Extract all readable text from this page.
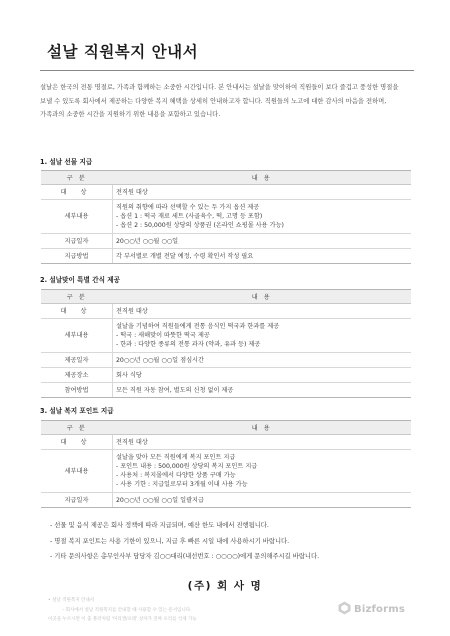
설날 직원복지 안내서

설날은 한국의 전통 명절로, 가족과 함께하는 소중한 시간입니다. 본 안내서는 설날을 맞이하여 직원들이 보다 즐겁고 풍성한 명절을 보낼 수 있도록 회사에서 제공하는 다양한 복지 혜택을 상세히 안내하고자 합니다. 직원들의 노고에 대한 감사의 마음을 전하며, 가족과의 소중한 시간을 지원하기 위한 내용을 포함하고 있습니다.

1. 설날 선물 지급
구 분	내 용
대 상	전직원 대상
세부내용	직원의 취향에 따라 선택할 수 있는 두 가지 옵션 제공
- 옵션 1 : 떡국 재료 세트 (사골육수, 떡, 고명 등 포함)
- 옵션 2 : 50,000원 상당의 상품권 (온라인 쇼핑몰 사용 가능)

지급일자	20○○년 ○○월 ○○일
지급방법	각 부서별로 개별 전달 예정, 수령 확인서 작성 필요
2. 설날맞이 특별 간식 제공
구 분	내 용
대 상	전직원 대상
세부내용	설날을 기념하여 직원들에게 전통 음식인 떡국과 한과를 제공
- 떡국 : 새해맞이 따뜻한 떡국 제공
- 한과 : 다양한 종류의 전통 과자 (약과, 유과 등) 제공

제공일자	20○○년 ○○월 ○○일 점심시간
제공장소	회사 식당
참여방법	모든 직원 자동 참여, 별도의 신청 없이 제공
3. 설날 복지 포인트 지급
구 분	내 용
대 상	전직원 대상
세부내용	설날을 맞아 모든 직원에게 복지 포인트 지급
- 포인트 내용 : 500,000원 상당의 복지 포인트 지급
- 사용처 : 복지몰에서 다양한 상품 구매 가능
- 사용 기한 : 지급일로부터 3개월 이내 사용 가능

지급일자	20○○년 ○○월 ○○일 일괄지급
- 선물 및 음식 제공은 회사 정책에 따라 지급되며, 예산 한도 내에서 진행됩니다.
- 명절 복지 포인트는 사용 기한이 있으니, 지급 후 빠른 시일 내에 사용하시기 바랍니다.
- 기타 문의사항은 총무인사부 담당자 김○○대리(내선번호 : ○○○○)에게 문의해주시길 바랍니다.
(주) 회 사 명
• 설날 직원복지 안내서
– 회사에서 설날 직원복지를 안내할 때 사용할 수 있는 문서입니다.
이곳을 누르시면 이 출 블러처럼 '미리캔/포레' 상자가 진짜 포리를 삭제 가능
Bizforms
